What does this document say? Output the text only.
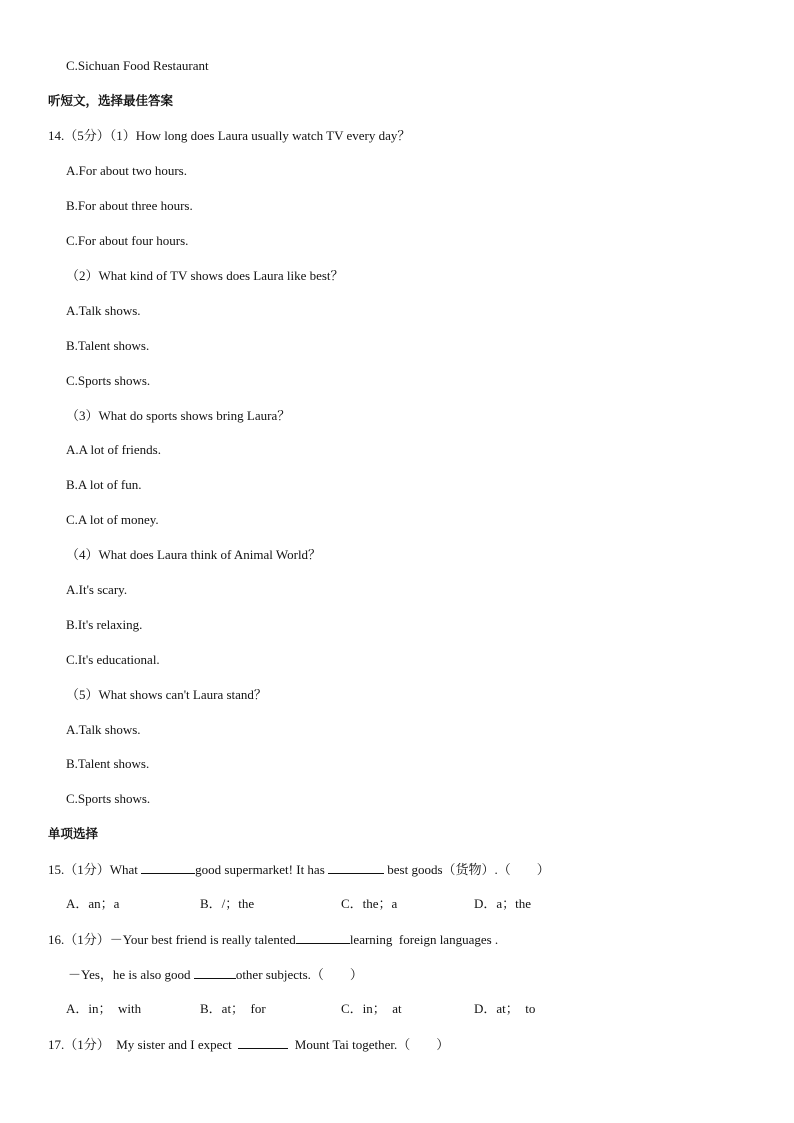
C.Sichuan Food Restaurant
听短文，选择最佳答案
14.（5分）（1）How long does Laura usually watch TV every day？
A.For about two hours.
B.For about three hours.
C.For about four hours.
（2）What kind of TV shows does Laura like best？
A.Talk shows.
B.Talent shows.
C.Sports shows.
（3）What do sports shows bring Laura？
A.A lot of friends.
B.A lot of fun.
C.A lot of money.
（4）What does Laura think of Animal World？
A.It's scary.
B.It's relaxing.
C.It's educational.
（5）What shows can't Laura stand？
A.Talk shows.
B.Talent shows.
C.Sports shows.
单项选择
15.（1分）What	good supermarket! It has	best goods（货物）.（　　）
A．an；a	B．/；the	C．the；a	D．a；the
16.（1分）－Your best friend is really talented	learning  foreign languages .
－Yes，he is also good	other subjects.（　　）
A．in；  with	B．at；  for	C．in；  at	D．at；  to
17.（1分）  My sister and I expect	Mount Tai together.（　　）
